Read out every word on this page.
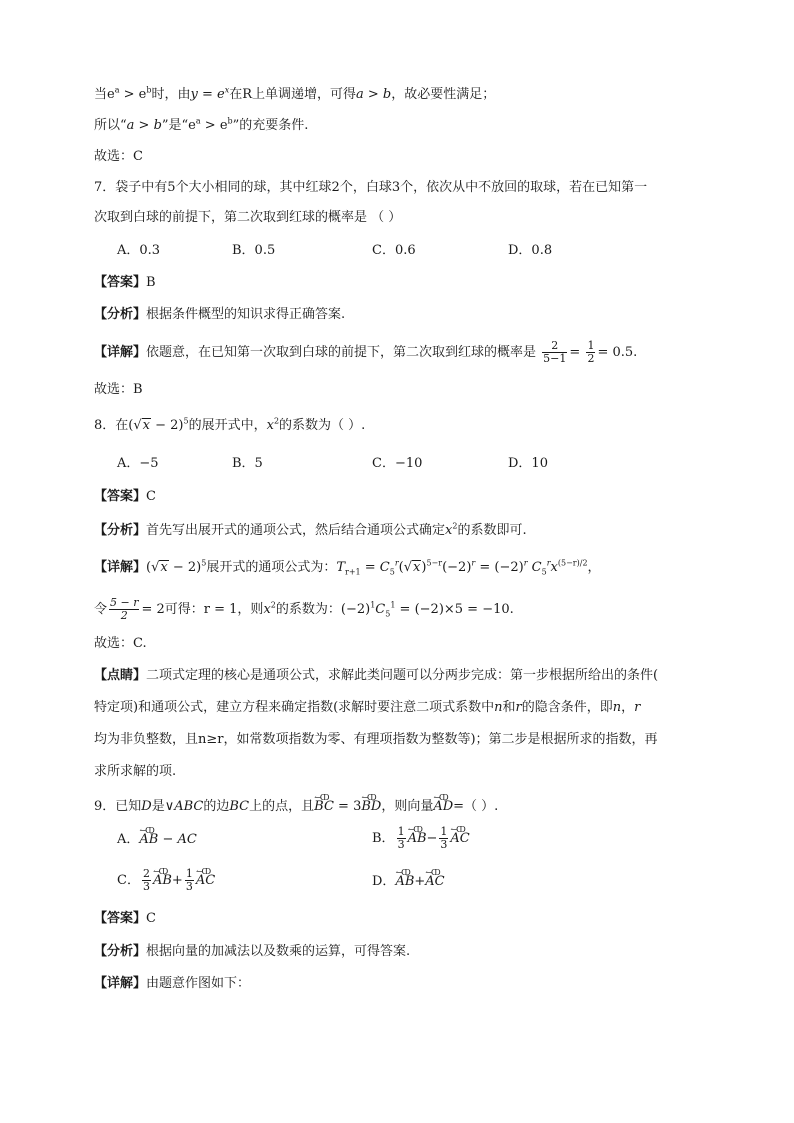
当$e^a > e^b$时，由$y = e^x$在R上单调递增，可得a > b，故必要性满足；
所以“a > b”是“$e^a > e^b$”的充要条件.
故选：C
7．袋子中有5个大小相同的球，其中红球2个，白球3个，依次从中不放回的取球，若在已知第一
次取到白球的前提下，第二次取到红球的概率是 （ ）
A．0.3	B．0.5	C．0.6	D．0.8
【答案】B
【分析】根据条件概型的知识求得正确答案.
【详解】依题意，在已知第一次取到白球的前提下，第二次取到红球的概率是 $\frac{2}{5-1} = \frac{1}{2} = 0.5$.
故选：B
8．在$(√x - 2)^5$的展开式中，$x^2$的系数为（ ）.
A．−5	B．5	C．−10	D．10
【答案】C
【分析】首先写出展开式的通项公式，然后结合通项公式确定$x^2$的系数即可.
【详解】$(√x - 2)^5$展开式的通项公式为：$T_{r+1} = C_5^r(√x)^{5-r}(-2)^r = (-2)^r$ $C_5^rx^{(5-r)/2}$，
令 $\frac{5 - r}{2} = 2$可得：r = 1，则$x^2$的系数为：$(-2)^1C_5^1 = (-2)\times 5 = -10$.
故选：C.
【点睛】二项式定理的核心是通项公式，求解此类问题可以分两步完成：第一步根据所给出的条件(
特定项)和通项公式，建立方程来确定指数(求解时要注意二项式系数中n和r的隐含条件，即n，r
均为非负整数，且n≥r，如常数项指数为零、有理项指数为整数等)；第二步是根据所求的指数，再
求所求解的项.
9．已知D是∨ABC的边BC上的点，且↼ↀ BC = 3↼ↀ BD，则向量↼ↀ AD=（ ）.
A．↼ↀ AB − AC	B． $\frac{1}{3}$ ↼ↀ $AB- \frac{1}{3}$ ↼ↀ AC
C． $\frac{2}{3}$ ↼ↀ $AB+ \frac{1}{3}$ ↼ↀ AC	D．↼ↀ AB+↼ↀ AC
【答案】C
【分析】根据向量的加减法以及数乘的运算，可得答案.
【详解】由题意作图如下：
